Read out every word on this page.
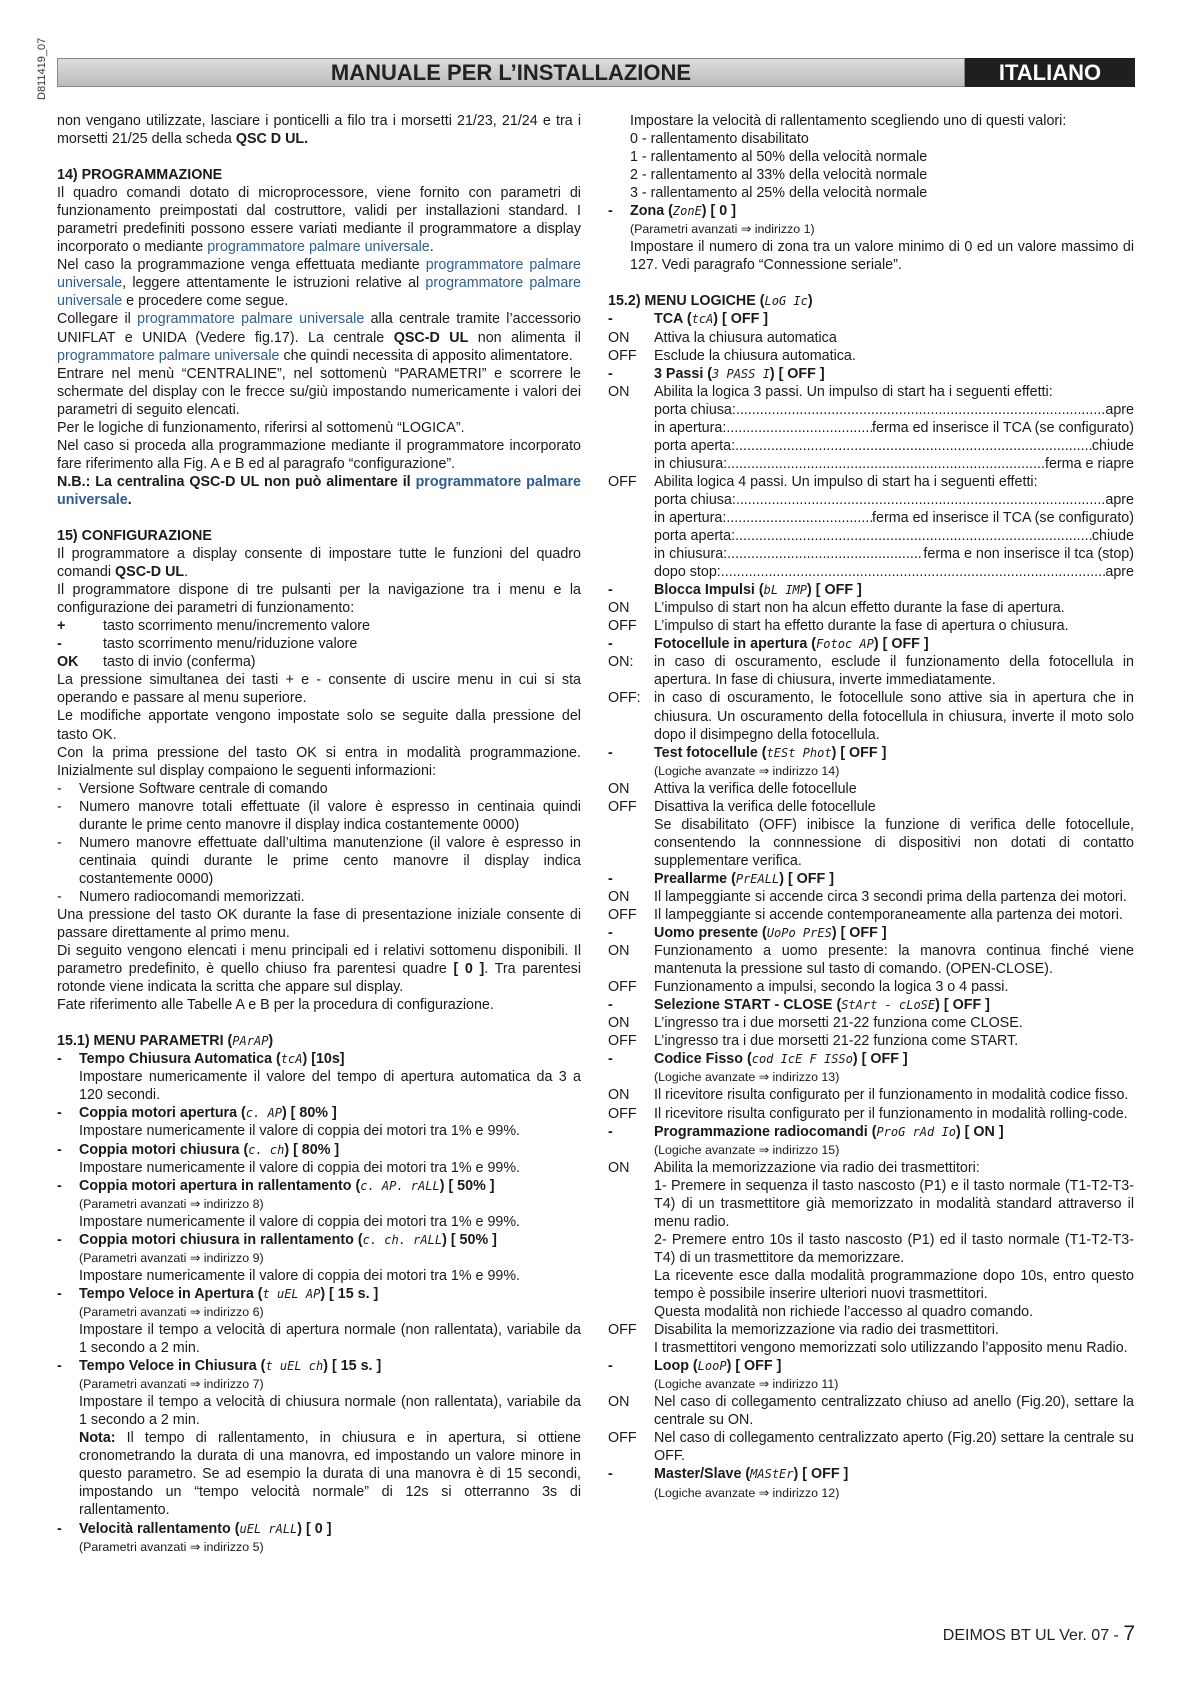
D811419_07	MANUALE PER L’INSTALLAZIONE	ITALIANO

non vengano utilizzate, lasciare i ponticelli a filo tra i morsetti 21/23, 21/24 e tra i morsetti 21/25 della scheda QSC D UL.

14) PROGRAMMAZIONE

Il quadro comandi dotato di microprocessore, viene fornito con parametri di funzionamento preimpostati dal costruttore, validi per installazioni standard. I parametri predefiniti possono essere variati mediante il programmatore a display incorporato o mediante programmatore palmare universale.

Nel caso la programmazione venga effettuata mediante programmatore palmare universale, leggere attentamente le istruzioni relative al programmatore palmare universale e procedere come segue.

Collegare il programmatore palmare universale alla centrale tramite l’accessorio UNIFLAT e UNIDA (Vedere fig.17). La centrale QSC-D UL non alimenta il programmatore palmare universale che quindi necessita di apposito alimentatore.

Entrare nel menù “CENTRALINE”, nel sottomenù “PARAMETRI” e scorrere le schermate del display con le frecce su/giù impostando numericamente i valori dei parametri di seguito elencati.

Per le logiche di funzionamento, riferirsi al sottomenù “LOGICA”.

Nel caso si proceda alla programmazione mediante il programmatore incorporato fare riferimento alla Fig. A e B ed al paragrafo “configurazione”.

N.B.: La centralina QSC-D UL non può alimentare il programmatore palmare universale.

15) CONFIGURAZIONE

Il programmatore a display consente di impostare tutte le funzioni del quadro comandi QSC-D UL.

Il programmatore dispone di tre pulsanti per la navigazione tra i menu e la configurazione dei parametri di funzionamento:

+	tasto scorrimento menu/incremento valore
-	tasto scorrimento menu/riduzione valore
OK	tasto di invio (conferma)

La pressione simultanea dei tasti + e - consente di uscire menu in cui si sta operando e passare al menu superiore.

Le modifiche apportate vengono impostate solo se seguite dalla pressione del tasto OK.

Con la prima pressione del tasto OK si entra in modalità programmazione. Inizialmente sul display compaiono le seguenti informazioni:

-	Versione Software centrale di comando
-	Numero manovre totali effettuate (il valore è espresso in centinaia quindi durante le prime cento manovre il display indica costantemente 0000)
-	Numero manovre effettuate dall’ultima manutenzione (il valore è espresso in centinaia quindi durante le prime cento manovre il display indica costantemente 0000)
-	Numero radiocomandi memorizzati.

Una pressione del tasto OK durante la fase di presentazione iniziale consente di passare direttamente al primo menu.

Di seguito vengono elencati i menu principali ed i relativi sottomenu disponibili. Il parametro predefinito, è quello chiuso fra parentesi quadre [ 0 ]. Tra parentesi rotonde viene indicata la scritta che appare sul display.

Fate riferimento alle Tabelle A e B per la procedura di configurazione.

15.1) MENU PARAMETRI (PArAP)

-	Tempo Chiusura Automatica (tcA) [10s]

Impostare numericamente il valore del tempo di apertura automatica da 3 a 120 secondi.

-	Coppia motori apertura (c. AP) [ 80% ]

Impostare numericamente il valore di coppia dei motori tra 1% e 99%.

-	Coppia motori chiusura (c. ch) [ 80% ]

Impostare numericamente il valore di coppia dei motori tra 1% e 99%.

-	Coppia motori apertura in rallentamento (c. AP. rALL) [ 50% ]

(Parametri avanzati ⇒ indirizzo 8)

Impostare numericamente il valore di coppia dei motori tra 1% e 99%.

-	Coppia motori chiusura in rallentamento (c. ch. rALL) [ 50% ]

(Parametri avanzati ⇒ indirizzo 9)

Impostare numericamente il valore di coppia dei motori tra 1% e 99%.

-	Tempo Veloce in Apertura (t uEL AP) [ 15 s. ]

(Parametri avanzati ⇒ indirizzo 6)

Impostare il tempo a velocità di apertura normale (non rallentata), variabile da 1 secondo a 2 min.

-	Tempo Veloce in Chiusura (t uEL ch) [ 15 s. ]

(Parametri avanzati ⇒ indirizzo 7)

Impostare il tempo a velocità di chiusura normale (non rallentata), variabile da 1 secondo a 2 min.

Nota: Il tempo di rallentamento, in chiusura e in apertura, si ottiene cronometrando la durata di una manovra, ed impostando un valore minore in questo parametro. Se ad esempio la durata di una manovra è di 15 secondi, impostando un “tempo velocità normale” di 12s si otterranno 3s di rallentamento.

-	Velocità rallentamento (uEL rALL) [ 0 ]

(Parametri avanzati ⇒ indirizzo 5)

Impostare la velocità di rallentamento scegliendo uno di questi valori:

0 - rallentamento disabilitato

1 - rallentamento al 50% della velocità normale

2 - rallentamento al 33% della velocità normale

3 - rallentamento al 25% della velocità normale

-	Zona (ZonE) [ 0 ]

(Parametri avanzati ⇒ indirizzo 1)

Impostare il numero di zona tra un valore minimo di 0 ed un valore massimo di 127. Vedi paragrafo “Connessione seriale”.

15.2) MENU LOGICHE (LoG Ic)

-	TCA (tcA) [ OFF ]
ON	Attiva la chiusura automatica
OFF	Esclude la chiusura automatica.
-	3 Passi (3 PASS I) [ OFF ]
ON	Abilita la logica 3 passi. Un impulso di start ha i seguenti effetti:
porta chiusa: .....	apre
in apertura: .....	ferma ed inserisce il TCA (se configurato)
porta aperta: .....	chiude
in chiusura: .....	ferma e riapre
OFF	Abilita logica 4 passi. Un impulso di start ha i seguenti effetti:
porta chiusa: .....	apre
in apertura: .....	ferma ed inserisce il TCA (se configurato)
porta aperta: .....	chiude
in chiusura: .....	ferma e non inserisce il tca (stop)
dopo stop: .....	apre
-	Blocca Impulsi (bL IMP) [ OFF ]
ON	L’impulso di start non ha alcun effetto durante la fase di apertura.
OFF	L’impulso di start ha effetto durante la fase di apertura o chiusura.
-	Fotocellule in apertura (Fotoc AP) [ OFF ]
ON:	in caso di oscuramento, esclude il funzionamento della fotocellula in apertura. In fase di chiusura, inverte immediatamente.
OFF: in caso di oscuramento, le fotocellule sono attive sia in apertura che in chiusura. Un oscuramento della fotocellula in chiusura, inverte il moto solo dopo il disimpegno della fotocellula.
-	Test fotocellule (tESt Phot) [ OFF ]

(Logiche avanzate ⇒ indirizzo 14)

ON	Attiva la verifica delle fotocellule
OFF	Disattiva la verifica delle fotocellule

Se disabilitato (OFF) inibisce la funzione di verifica delle fotocellule, consentendo la connnessione di dispositivi non dotati di contatto supplementare verifica.

-	Preallarme (PrEALL) [ OFF ]
ON	Il lampeggiante si accende circa 3 secondi prima della partenza dei motori.
OFF	Il lampeggiante si accende contemporaneamente alla partenza dei motori.
-	Uomo presente (UoPo PrES) [ OFF ]
ON	Funzionamento a uomo presente: la manovra continua finché viene mantenuta la pressione sul tasto di comando. (OPEN-CLOSE).
OFF	Funzionamento a impulsi, secondo la logica 3 o 4 passi.
-	Selezione START - CLOSE (StArt - cLoSE) [ OFF ]
ON	L’ingresso tra i due morsetti 21-22 funziona come CLOSE.
OFF	L’ingresso tra i due morsetti 21-22 funziona come START.
-	Codice Fisso (cod IcE F ISSo) [ OFF ]

(Logiche avanzate ⇒ indirizzo 13)

ON	Il ricevitore risulta configurato per il funzionamento in modalità codice fisso.
OFF	Il ricevitore risulta configurato per il funzionamento in modalità rolling-code.
-	Programmazione radiocomandi (ProG rAd Io) [ ON ]

(Logiche avanzate ⇒ indirizzo 15)

ON	Abilita la memorizzazione via radio dei trasmettitori:

1- Premere in sequenza il tasto nascosto (P1) e il tasto normale (T1-T2-T3-T4) di un trasmettitore già memorizzato in modalità standard attraverso il menu radio.

2- Premere entro 10s il tasto nascosto (P1) ed il tasto normale (T1-T2-T3-T4) di un trasmettitore da memorizzare.

La ricevente esce dalla modalità programmazione dopo 10s, entro questo tempo è possibile inserire ulteriori nuovi trasmettitori.

Questa modalità non richiede l’accesso al quadro comando.

OFF	Disabilita la memorizzazione via radio dei trasmettitori.

I trasmettitori vengono memorizzati solo utilizzando l’apposito menu Radio.

-	Loop (LooP) [ OFF ]

(Logiche avanzate ⇒ indirizzo 11)

ON	Nel caso di collegamento centralizzato chiuso ad anello (Fig.20), settare la centrale su ON.
OFF	Nel caso di collegamento centralizzato aperto (Fig.20) settare la centrale su OFF.
-	Master/Slave (MAStEr) [ OFF ]

(Logiche avanzate ⇒ indirizzo 12)

DEIMOS BT UL Ver. 07 - 7
